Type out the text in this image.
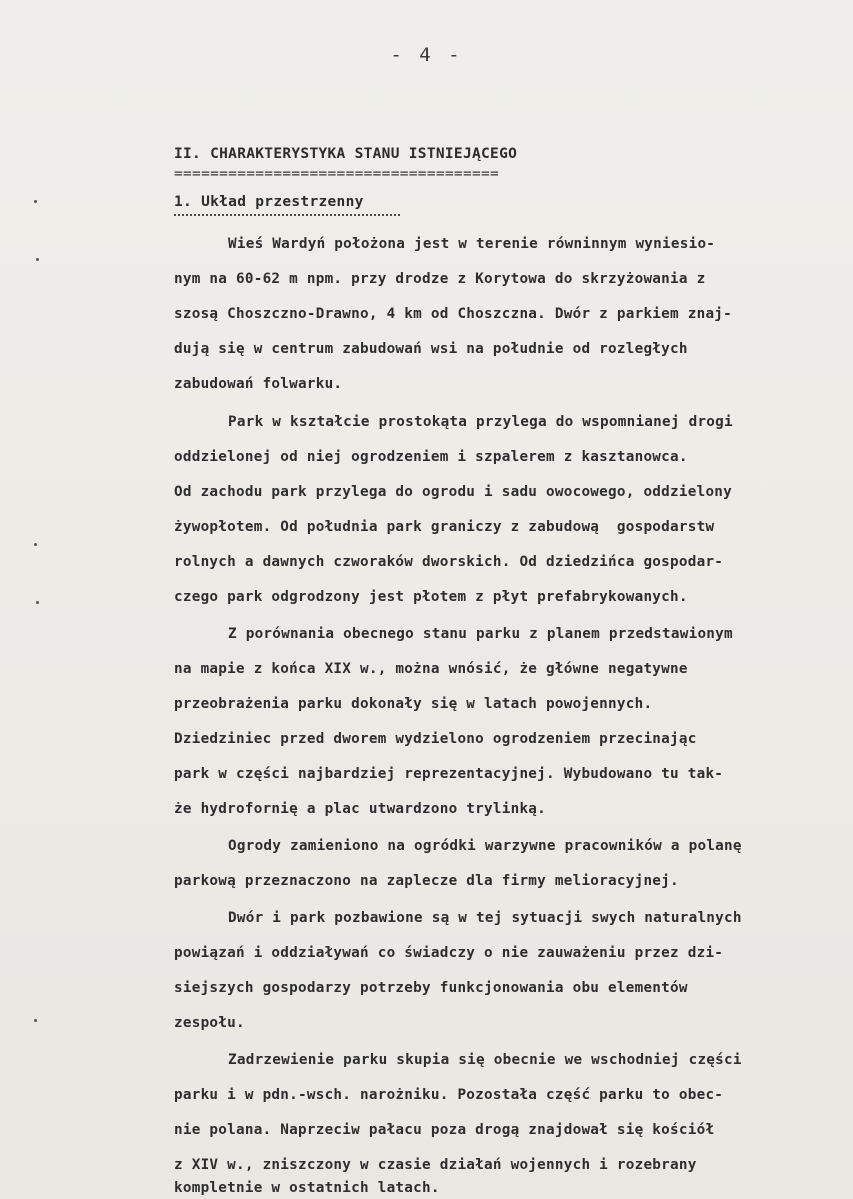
- 4 -
II. CHARAKTERYSTYKA STANU ISTNIEJĄCEGO
====================================
1. Układ przestrzenny
Wieś Wardyń położona jest w terenie równinnym wyniesio-
nym na 60-62 m npm. przy drodze z Korytowa do skrzyżowania z
szosą Choszczno-Drawno, 4 km od Choszczna. Dwór z parkiem znaj-
dują się w centrum zabudowań wsi na południe od rozległych
zabudowań folwarku.
Park w kształcie prostokąta przylega do wspomnianej drogi
oddzielonej od niej ogrodzeniem i szpalerem z kasztanowca.
Od zachodu park przylega do ogrodu i sadu owocowego, oddzielony
żywopłotem. Od południa park graniczy z zabudową  gospodarstw
rolnych a dawnych czworaków dworskich. Od dziedzińca gospodar-
czego park odgrodzony jest płotem z płyt prefabrykowanych.
Z porównania obecnego stanu parku z planem przedstawionym
na mapie z końca XIX w., można wnósić, że główne negatywne
przeobrażenia parku dokonały się w latach powojennych.
Dziedziniec przed dworem wydzielono ogrodzeniem przecinając
park w części najbardziej reprezentacyjnej. Wybudowano tu tak-
że hydrofornię a plac utwardzono trylinką.
Ogrody zamieniono na ogródki warzywne pracowników a polanę
parkową przeznaczono na zaplecze dla firmy melioracyjnej.
Dwór i park pozbawione są w tej sytuacji swych naturalnych
powiązań i oddziaływań co świadczy o nie zauważeniu przez dzi-
siejszych gospodarzy potrzeby funkcjonowania obu elementów
zespołu.
Zadrzewienie parku skupia się obecnie we wschodniej części
parku i w pdn.-wsch. narożniku. Pozostała część parku to obec-
nie polana. Naprzeciw pałacu poza drogą znajdował się kościół
z XIV w., zniszczony w czasie działań wojennych i rozebrany
kompletnie w ostatnich latach.
